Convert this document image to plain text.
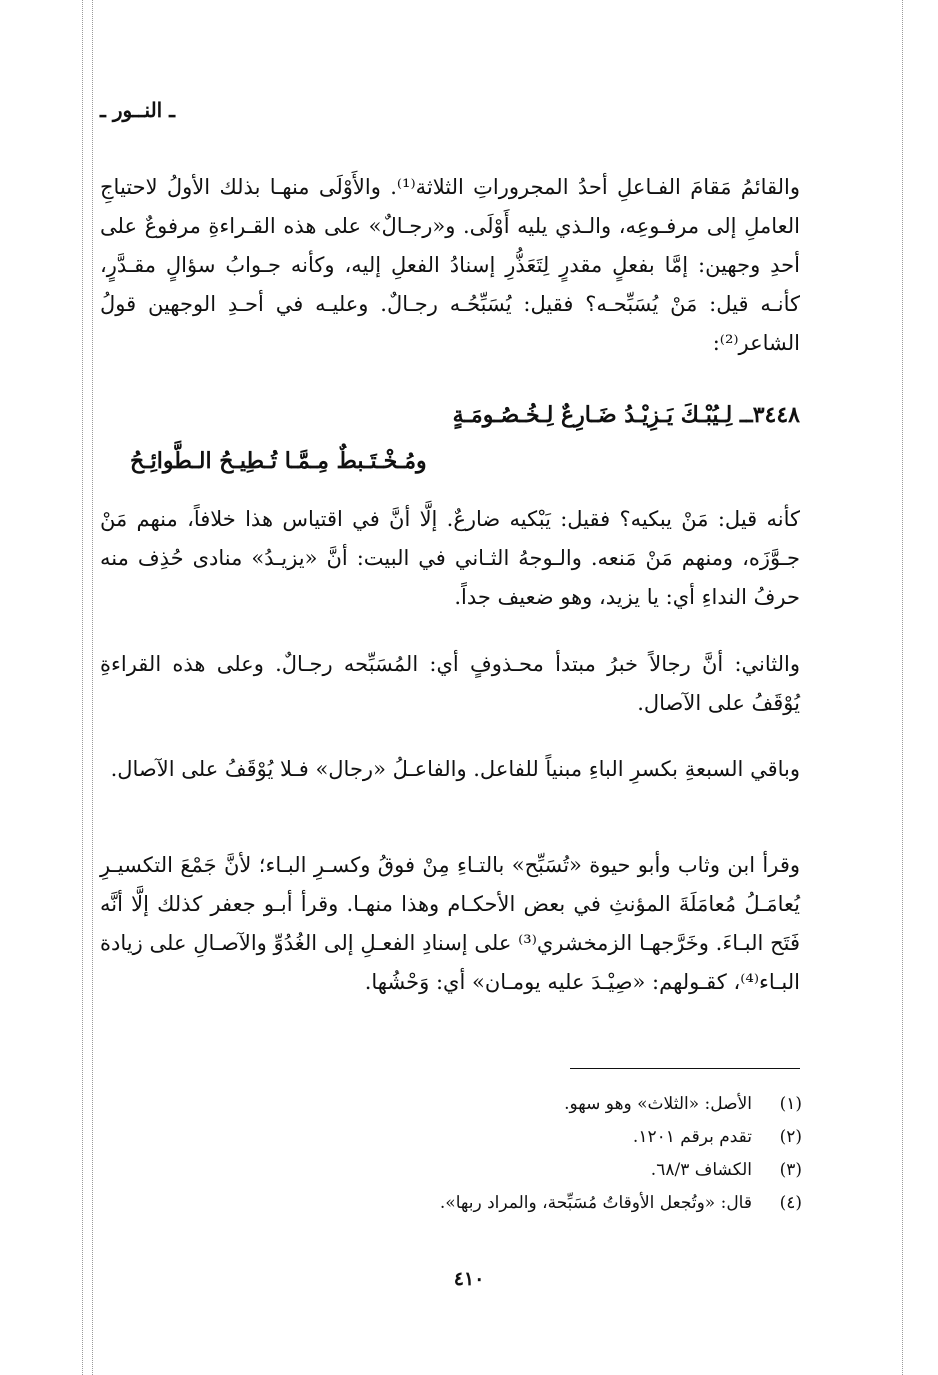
ـ النــور ـ

والقائمُ مَقامَ الفـاعلِ أحدُ المجروراتِ الثلاثة⁽¹⁾. والأَوْلَى منهـا بذلك الأولُ لاحتياجِ العاملِ إلى مرفـوعِه، والـذي يليه أَوْلَى. و«رجـالٌ» على هذه القـراءةِ مرفوعٌ على أحدِ وجهين: إمَّا بفعلٍ مقدرٍ لِتَعَذُّرِ إسنادُ الفعلِ إليه، وكأنه جـوابُ سؤالٍ مقـدَّرٍ، كأنـه قيل: مَنْ يُسَبِّحـه؟ فقيل: يُسَبِّحُـه رجـالٌ. وعليـه في أحـدِ الوجهين قولُ الشاعر⁽²⁾:

٣٤٤٨ــ لِـيُبْـكَ يَـزِيْـدُ ضَـارِعٌ لِـخُـصُـومَـةٍ
ومُـخْـتَـبطٌ مِـمَّـا تُـطِيـحُ الـطَّوائِـحُ
كأنه قيل: مَنْ يبكيه؟ فقيل: يَبْكيه ضارعٌ. إلَّا أنَّ في اقتياس هذا خلافاً، منهم مَنْ جـوَّزَه، ومنهم مَنْ مَنعه. والـوجهُ الثـاني في البيت: أنَّ «يزيـدُ» منادى حُذِف منه حرفُ النداءِ أي: يا يزيد، وهو ضعيف جداً.
والثاني: أنَّ رجالاً خبرُ مبتدأ محـذوفٍ أي: المُسَبِّحه رجـالٌ. وعلى هذه القراءةِ يُوْقَفُ على الآصال.
وباقي السبعةِ بكسرِ الباءِ مبنياً للفاعل. والفاعـلُ «رجال» فـلا يُوْقَفُ على الآصال.
وقرأ ابن وثاب وأبو حيوة «تُسَبِّح» بالتـاءِ مِنْ فوقُ وكسـرِ البـاء؛ لأنَّ جَمْعَ التكسيـرِ يُعامَـلُ مُعامَلَةَ المؤنثِ في بعض الأحكـام وهذا منهـا. وقرأ أبـو جعفر كذلك إلَّا أنَّه فَتَح البـاءَ. وخَرَّجهـا الزمخشري⁽³⁾ على إسنادِ الفعـلِ إلى الغُدُوِّ والآصـالِ على زيادة البـاء⁽⁴⁾، كقـولهم: «صِيْـدَ عليه يومـان» أي: وَحْشُها.
(١)
الأصل: «الثلاث» وهو سهو.
(٢)
تقدم برقم ١٢٠١.
(٣)
الكشاف ٦٨/٣.
(٤)
قال: «وتُجعل الأوقاتُ مُسَبِّحة، والمراد ربها».
٤١٠
